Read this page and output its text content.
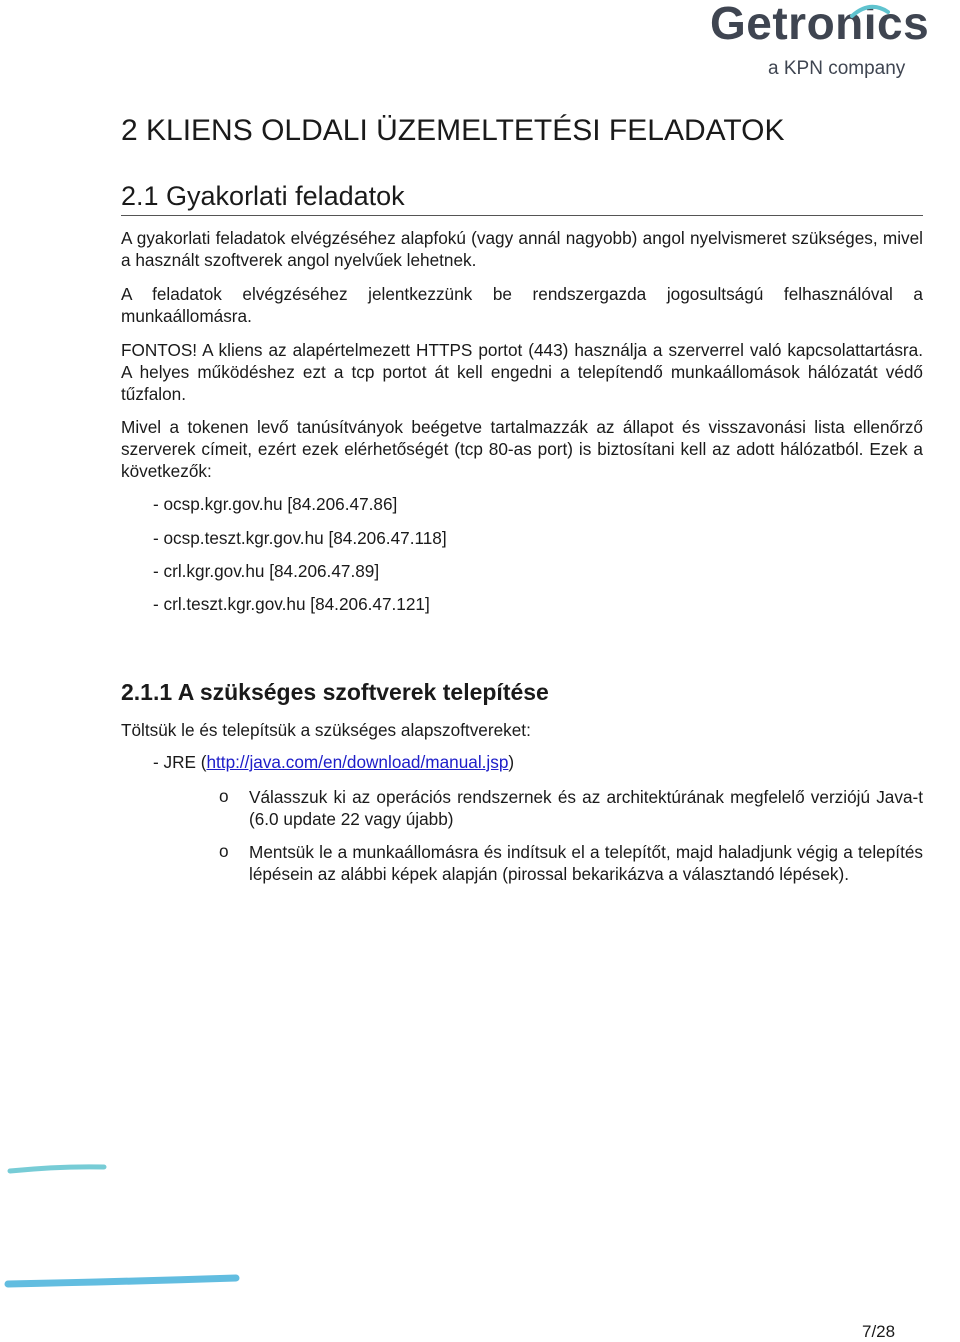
Getronics
a KPN company
2 KLIENS OLDALI ÜZEMELTETÉSI FELADATOK
2.1 Gyakorlati feladatok

A gyakorlati feladatok elvégzéséhez alapfokú (vagy annál nagyobb) angol nyelvismeret szükséges, mivel a használt szoftverek angol nyelvűek lehetnek.

A feladatok elvégzéséhez jelentkezzünk be rendszergazda jogosultságú felhasználóval a munkaállomásra.

FONTOS! A kliens az alapértelmezett HTTPS portot (443) használja a szerverrel való kapcsolattartásra. A helyes működéshez ezt a tcp portot át kell engedni a telepítendő munkaállomások hálózatát védő tűzfalon.

Mivel a tokenen levő tanúsítványok beégetve tartalmazzák az állapot és visszavonási lista ellenőrző szerverek címeit, ezért ezek elérhetőségét (tcp 80-as port) is biztosítani kell az adott hálózatból. Ezek a következők:

- ocsp.kgr.gov.hu [84.206.47.86]
- ocsp.teszt.kgr.gov.hu [84.206.47.118]
- crl.kgr.gov.hu [84.206.47.89]
- crl.teszt.kgr.gov.hu [84.206.47.121]
2.1.1 A szükséges szoftverek telepítése
Töltsük le és telepítsük a szükséges alapszoftvereket:
- JRE (http://java.com/en/download/manual.jsp)
o Válasszuk ki az operációs rendszernek és az architektúrának megfelelő verziójú Java-t (6.0 update 22 vagy újabb)
o Mentsük le a munkaállomásra és indítsuk el a telepítőt, majd haladjunk végig a telepítés lépésein az alábbi képek alapján (pirossal bekarikázva a választandó lépések).
7/28
